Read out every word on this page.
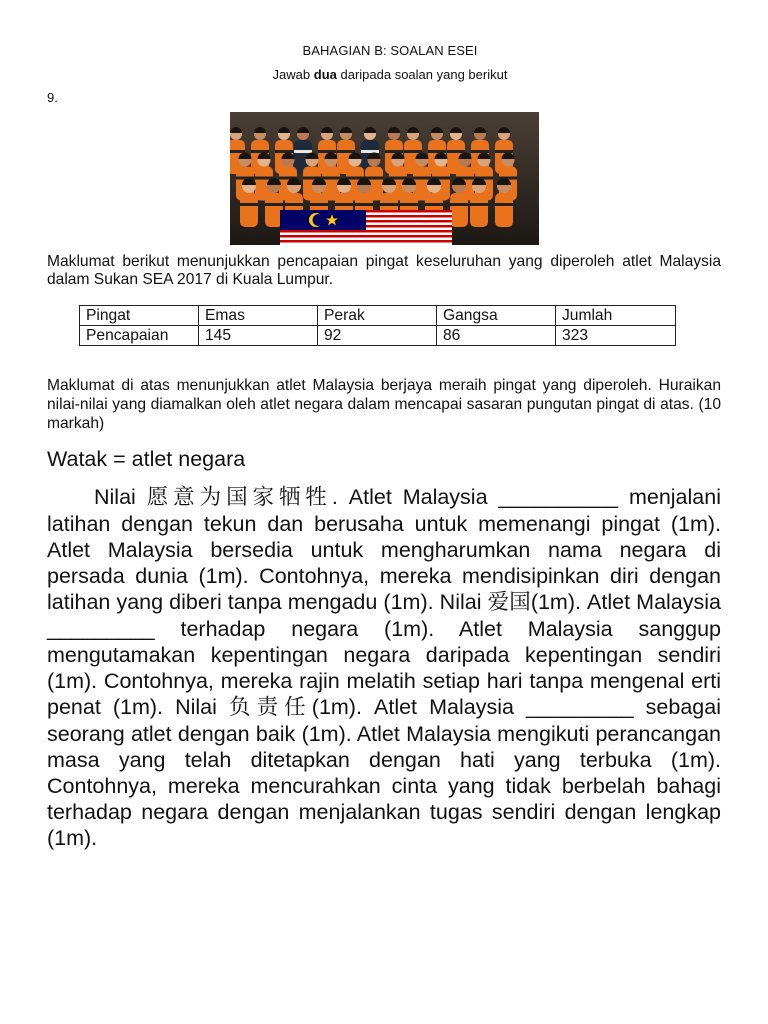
BAHAGIAN B: SOALAN ESEI
Jawab dua daripada soalan yang berikut
9.
Maklumat berikut menunjukkan pencapaian pingat keseluruhan yang diperoleh atlet Malaysia dalam Sukan SEA 2017 di Kuala Lumpur.
Pingat	Emas	Perak	Gangsa	Jumlah
Pencapaian	145	92	86	323
Maklumat di atas menunjukkan atlet Malaysia berjaya meraih pingat yang diperoleh. Huraikan nilai-nilai yang diamalkan oleh atlet negara dalam mencapai sasaran pungutan pingat di atas. (10 markah)
Watak = atlet negara
Nilai 愿意为国家牺牲. Atlet Malaysia __________ menjalani latihan dengan tekun dan berusaha untuk memenangi pingat (1m). Atlet Malaysia bersedia untuk mengharumkan nama negara di persada dunia (1m). Contohnya, mereka mendisipinkan diri dengan latihan yang diberi tanpa mengadu (1m). Nilai 爱国(1m). Atlet Malaysia _________ terhadap negara (1m). Atlet Malaysia sanggup mengutamakan kepentingan negara daripada kepentingan sendiri (1m). Contohnya, mereka rajin melatih setiap hari tanpa mengenal erti penat (1m). Nilai 负责任(1m). Atlet Malaysia _________ sebagai seorang atlet dengan baik (1m). Atlet Malaysia mengikuti perancangan masa yang telah ditetapkan dengan hati yang terbuka (1m). Contohnya, mereka mencurahkan cinta yang tidak berbelah bahagi terhadap negara dengan menjalankan tugas sendiri dengan lengkap (1m).
